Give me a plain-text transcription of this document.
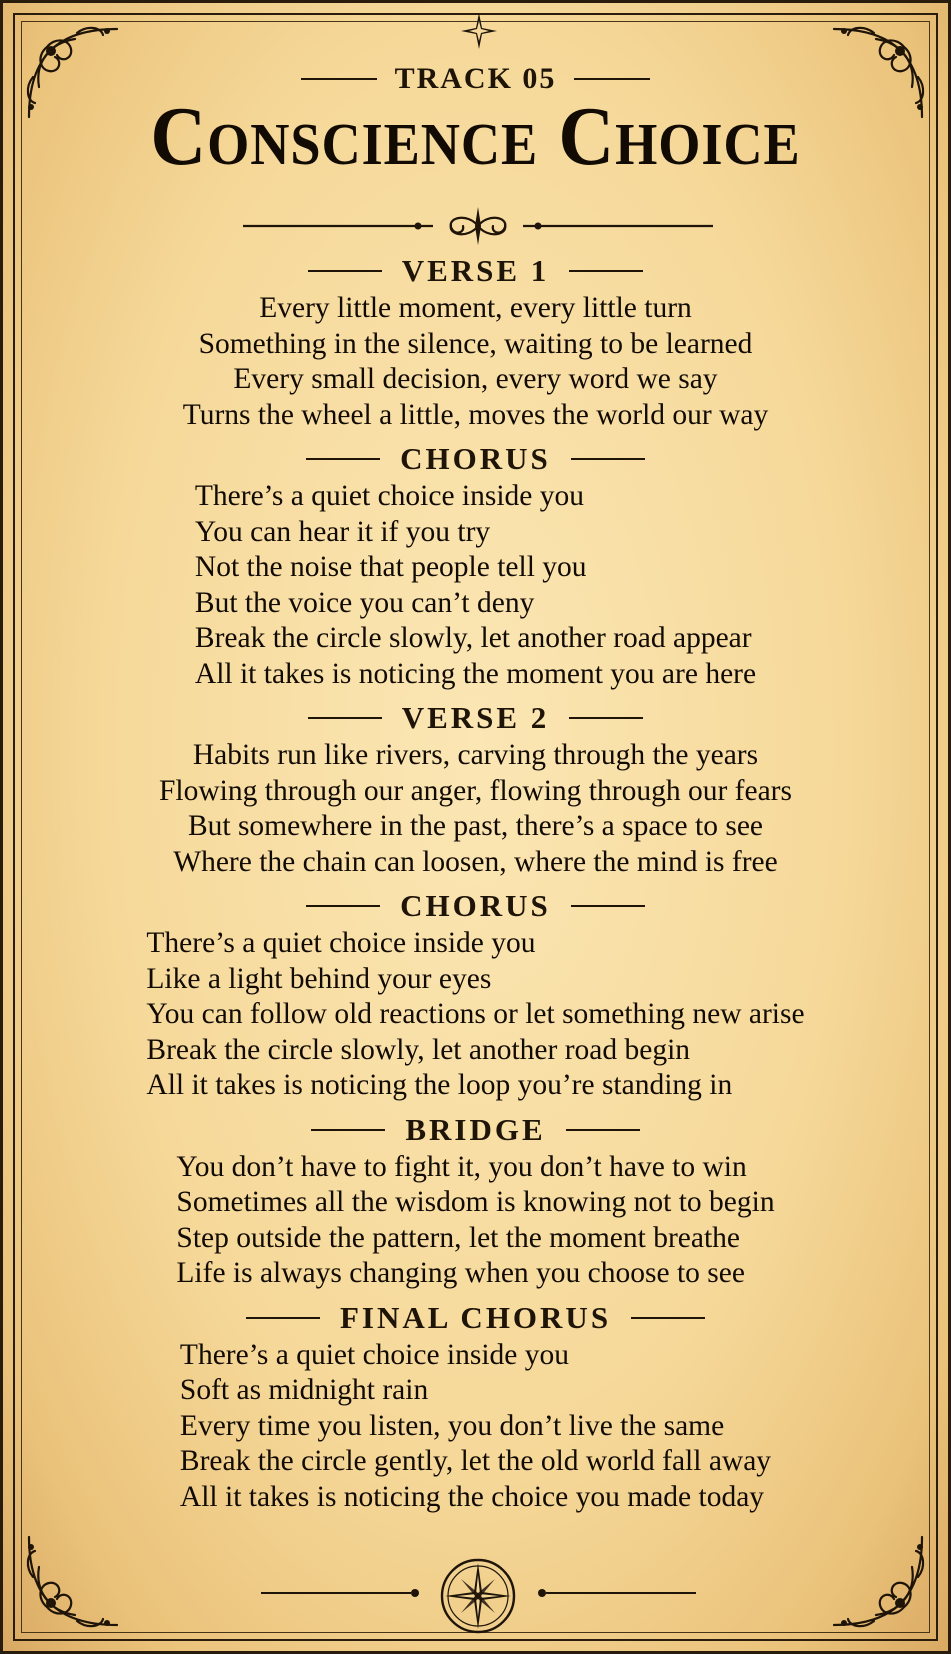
TRACK 05
Conscience Choice
VERSE 1

Every little moment, every little turn

Something in the silence, waiting to be learned

Every small decision, every word we say

Turns the wheel a little, moves the world our way

CHORUS

There’s a quiet choice inside you

You can hear it if you try

Not the noise that people tell you

But the voice you can’t deny

Break the circle slowly, let another road appear

All it takes is noticing the moment you are here

VERSE 2

Habits run like rivers, carving through the years

Flowing through our anger, flowing through our fears

But somewhere in the past, there’s a space to see

Where the chain can loosen, where the mind is free

CHORUS

There’s a quiet choice inside you

Like a light behind your eyes

You can follow old reactions or let something new arise

Break the circle slowly, let another road begin

All it takes is noticing the loop you’re standing in

BRIDGE

You don’t have to fight it, you don’t have to win

Sometimes all the wisdom is knowing not to begin

Step outside the pattern, let the moment breathe

Life is always changing when you choose to see

FINAL CHORUS

There’s a quiet choice inside you

Soft as midnight rain

Every time you listen, you don’t live the same

Break the circle gently, let the old world fall away

All it takes is noticing the choice you made today
